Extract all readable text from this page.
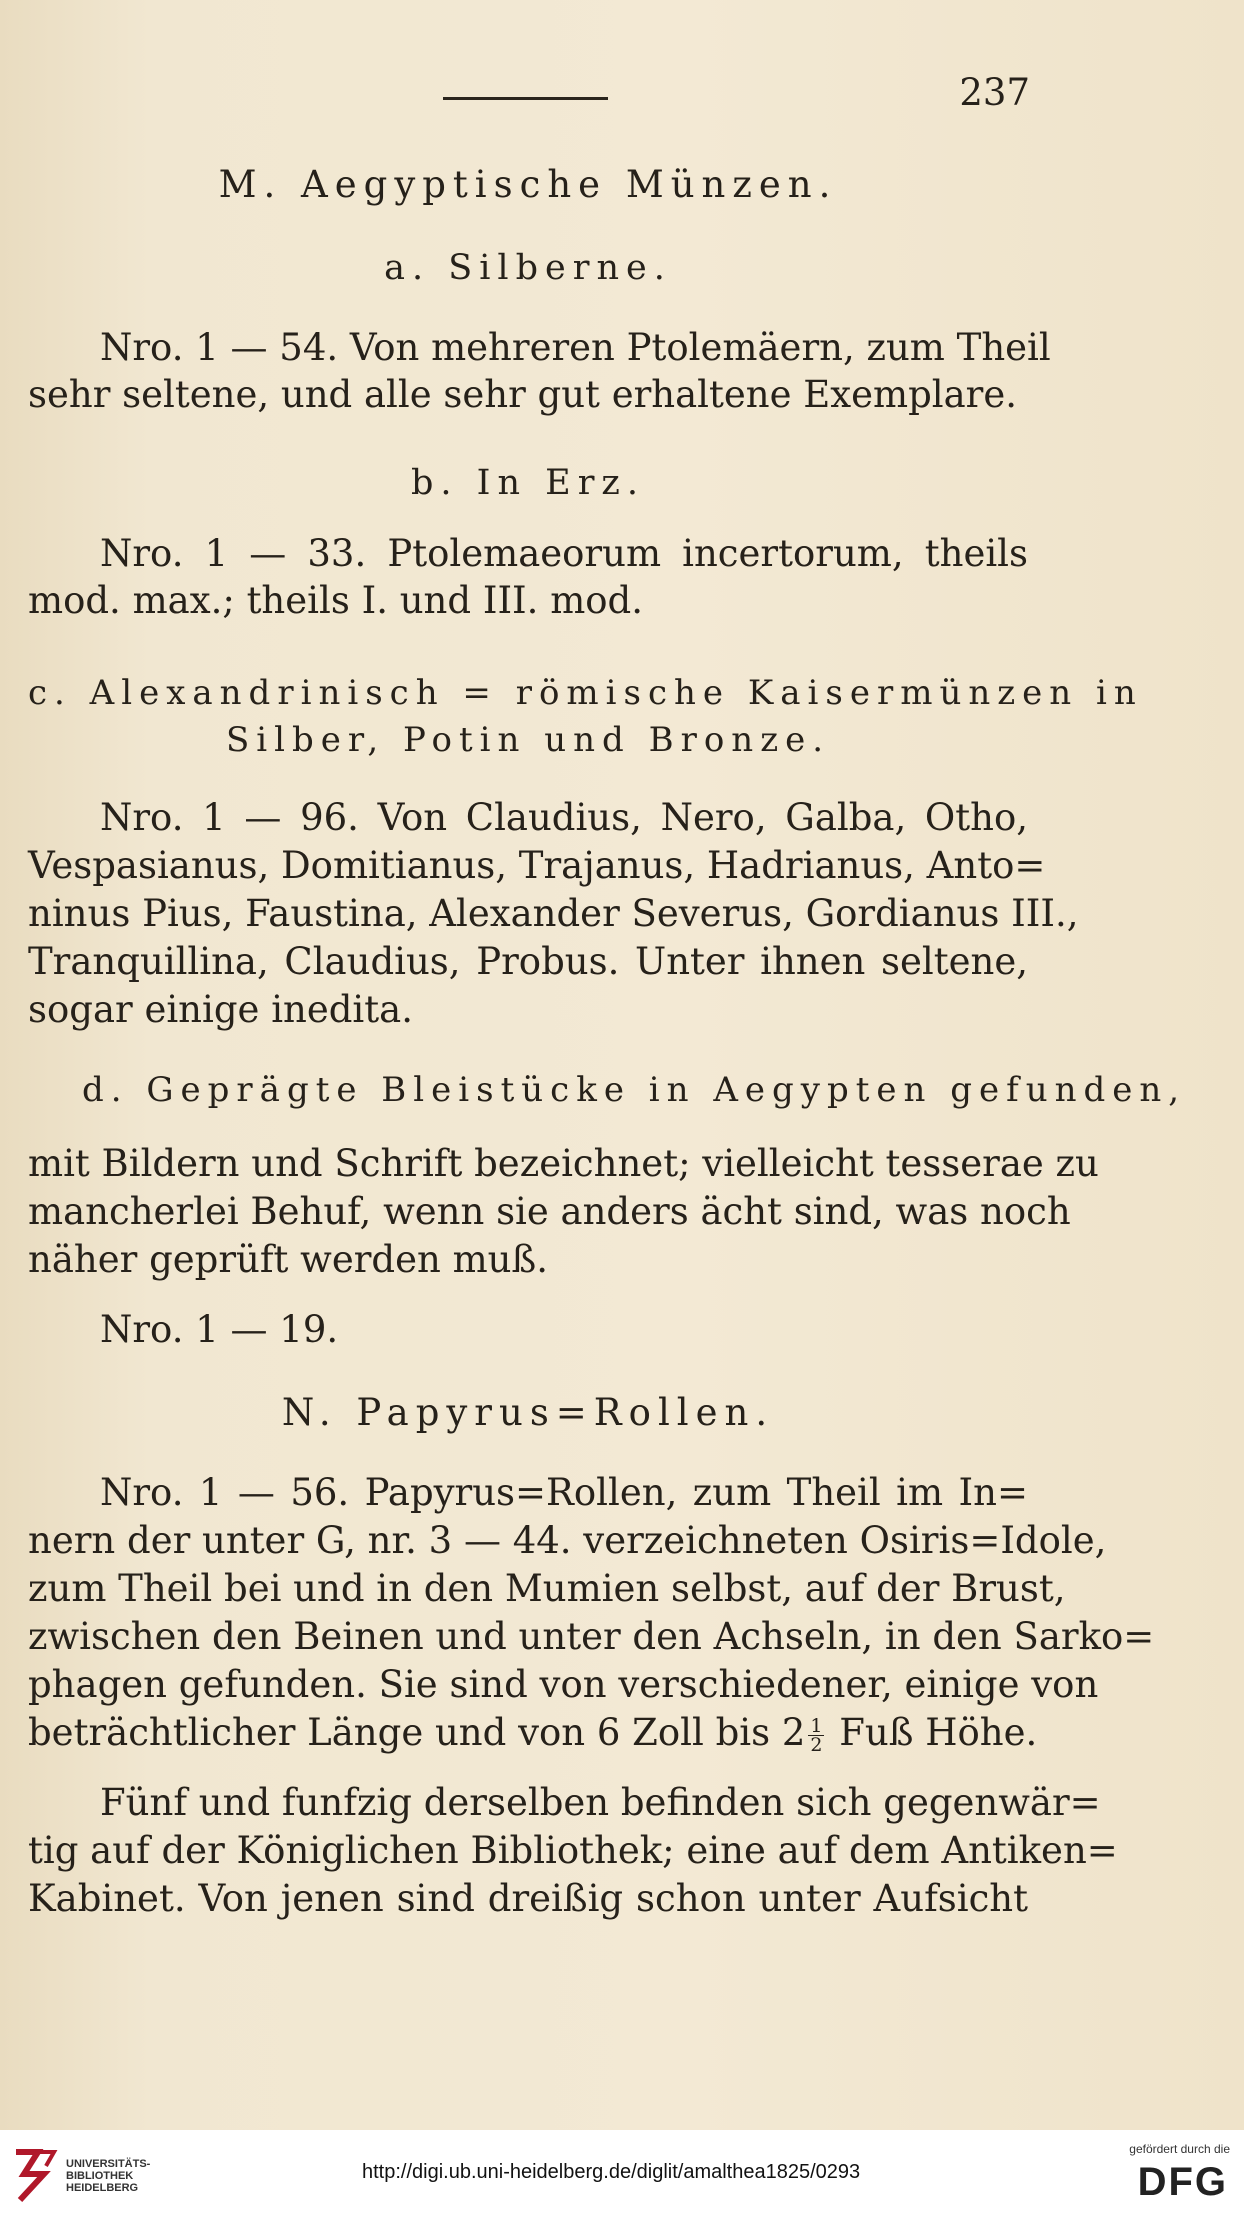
237
M. Aegyptische Münzen.
a. Silberne.
Nro. 1 — 54. Von mehreren Ptolemäern, zum Theil
sehr seltene, und alle sehr gut erhaltene Exemplare.
b. In Erz.
Nro. 1 — 33. Ptolemaeorum incertorum, theils
mod. max.; theils I. und III. mod.
c. Alexandrinisch = römische Kaisermünzen in
Silber, Potin und Bronze.
Nro. 1 — 96. Von Claudius, Nero, Galba, Otho,
Vespasianus, Domitianus, Trajanus, Hadrianus, Anto=
ninus Pius, Faustina, Alexander Severus, Gordianus III.,
Tranquillina, Claudius, Probus. Unter ihnen seltene,
sogar einige inedita.
d. Geprägte Bleistücke in Aegypten gefunden,
mit Bildern und Schrift bezeichnet; vielleicht tesserae zu
mancherlei Behuf, wenn sie anders ächt sind, was noch
näher geprüft werden muß.
Nro. 1 — 19.
N. Papyrus=Rollen.
Nro. 1 — 56. Papyrus=Rollen, zum Theil im In=
nern der unter G, nr. 3 — 44. verzeichneten Osiris=Idole,
zum Theil bei und in den Mumien selbst, auf der Brust,
zwischen den Beinen und unter den Achseln, in den Sarko=
phagen gefunden. Sie sind von verschiedener, einige von
beträchtlicher Länge und von 6 Zoll bis $2 \frac{1}{2}$ Fuß Höhe.
Fünf und funfzig derselben befinden sich gegenwär=
tig auf der Königlichen Bibliothek; eine auf dem Antiken=
Kabinet. Von jenen sind dreißig schon unter Aufsicht
UNIVERSITÄTS-
BIBLIOTHEK
HEIDELBERG
http://digi.ub.uni-heidelberg.de/diglit/amalthea1825/0293
gefördert durch die
DFG
